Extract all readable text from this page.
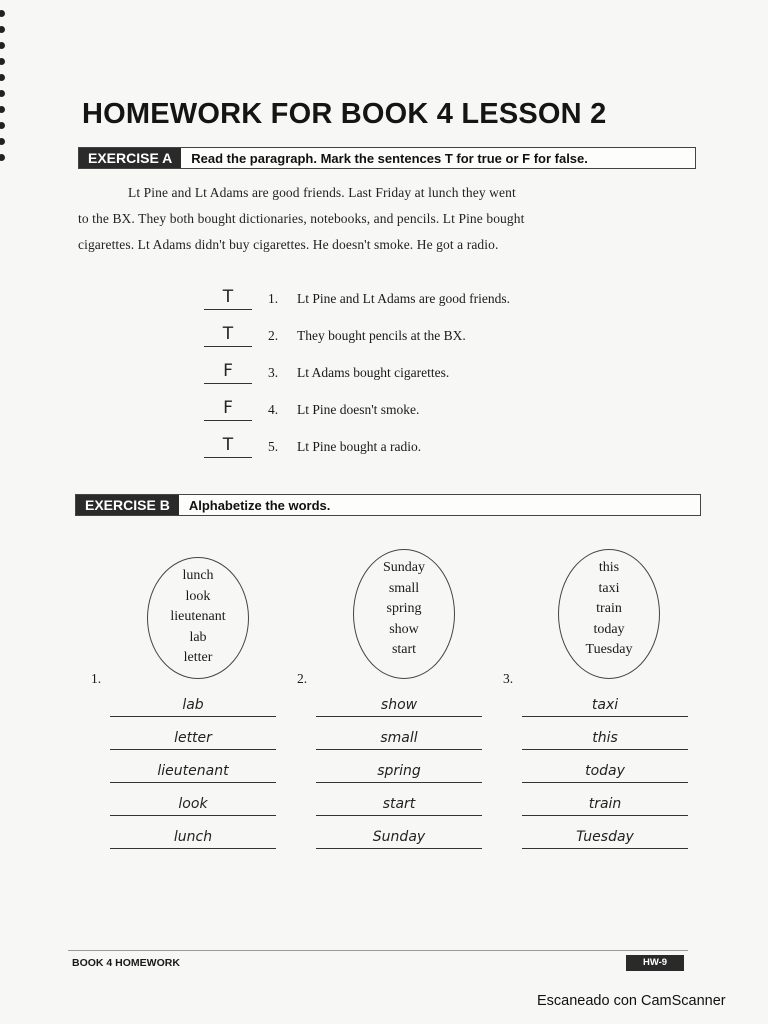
HOMEWORK FOR BOOK 4 LESSON 2
EXERCISE A	Read the paragraph. Mark the sentences T for true or F for false.

Lt Pine and Lt Adams are good friends. Last Friday at lunch they went

to the BX. They both bought dictionaries, notebooks, and pencils. Lt Pine bought

cigarettes. Lt Adams didn't buy cigarettes. He doesn't smoke. He got a radio.

T	1. Lt Pine and Lt Adams are good friends.
T	2. They bought pencils at the BX.
F	3. Lt Adams bought cigarettes.
F	4. Lt Pine doesn't smoke.
T	5. Lt Pine bought a radio.
EXERCISE B	Alphabetize the words.
lunch
look
lieutenant
lab
letter
1.
lab
letter
lieutenant
look
lunch
Sunday
small
spring
show
start
2.
show
small
spring
start
Sunday
this
taxi
train
today
Tuesday
3.
taxi
this
today
train
Tuesday
BOOK 4 HOMEWORK	HW-9
Escaneado con CamScanner
